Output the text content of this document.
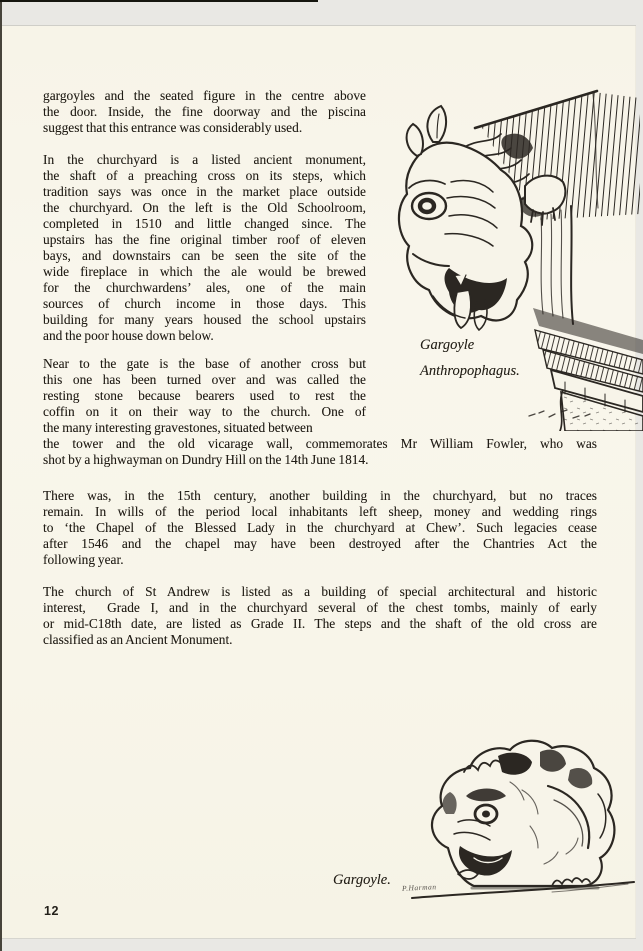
gargoyles and the seated figure in the centre above
the door. Inside, the fine doorway and the piscina
suggest that this entrance was considerably used.
In the churchyard is a listed ancient monument,
the shaft of a preaching cross on its steps, which
tradition says was once in the market place outside
the churchyard. On the left is the Old Schoolroom,
completed in 1510 and little changed since. The
upstairs has the fine original timber roof of eleven
bays, and downstairs can be seen the site of the
wide fireplace in which the ale would be brewed
for the churchwardens’ ales, one of the main
sources of church income in those days. This
building for many years housed the school upstairs
and the poor house down below.
Near to the gate is the base of another cross but
this one has been turned over and was called the
resting stone because bearers used to rest the
coffin on it on their way to the church. One of
the many interesting gravestones, situated between
the tower and the old vicarage wall, commemorates Mr William Fowler, who was
shot by a highwayman on Dundry Hill on the 14th June 1814.
There was, in the 15th century, another building in the churchyard, but no traces
remain. In wills of the period local inhabitants left sheep, money and wedding rings
to ‘the Chapel of the Blessed Lady in the churchyard at Chew’. Such legacies cease
after 1546 and the chapel may have been destroyed after the Chantries Act the
following year.
The church of St Andrew is listed as a building of special architectural and historic
interest,  Grade I, and in the churchyard several of the chest tombs, mainly of early
or mid-C18th date, are listed as Grade II. The steps and the shaft of the old cross are
classified as an Ancient Monument.
Gargoyle
Anthropophagus.
Gargoyle. P.Harman
12
